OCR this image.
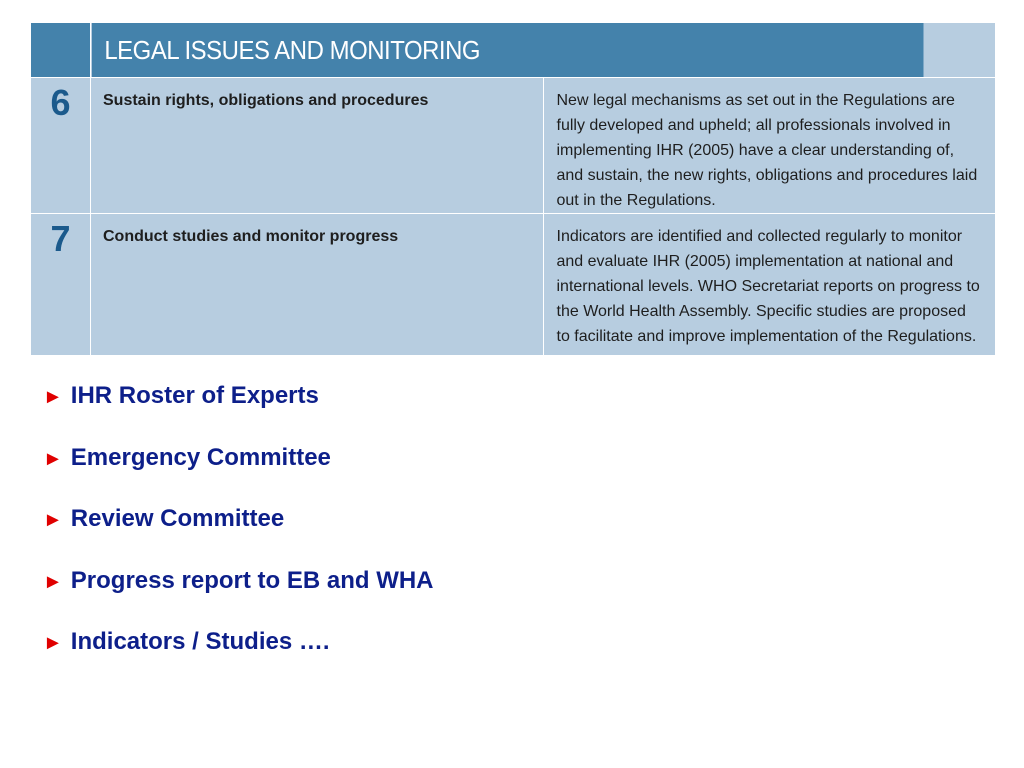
	LEGAL ISSUES AND MONITORING	
6	Sustain rights, obligations and procedures	New legal mechanisms as set out in the Regulations are fully developed and upheld; all professionals involved in implementing IHR (2005) have a clear understanding of, and sustain, the new rights, obligations and procedures laid out in the Regulations.
7	Conduct studies and monitor progress	Indicators are identified and collected regularly to monitor and evaluate IHR (2005) implementation at national and international levels. WHO Secretariat reports on progress to the World Health Assembly. Specific studies are proposed to facilitate and improve implementation of the Regulations.
► IHR Roster of Experts
► Emergency Committee
► Review Committee
► Progress report to EB and WHA
► Indicators / Studies ….
